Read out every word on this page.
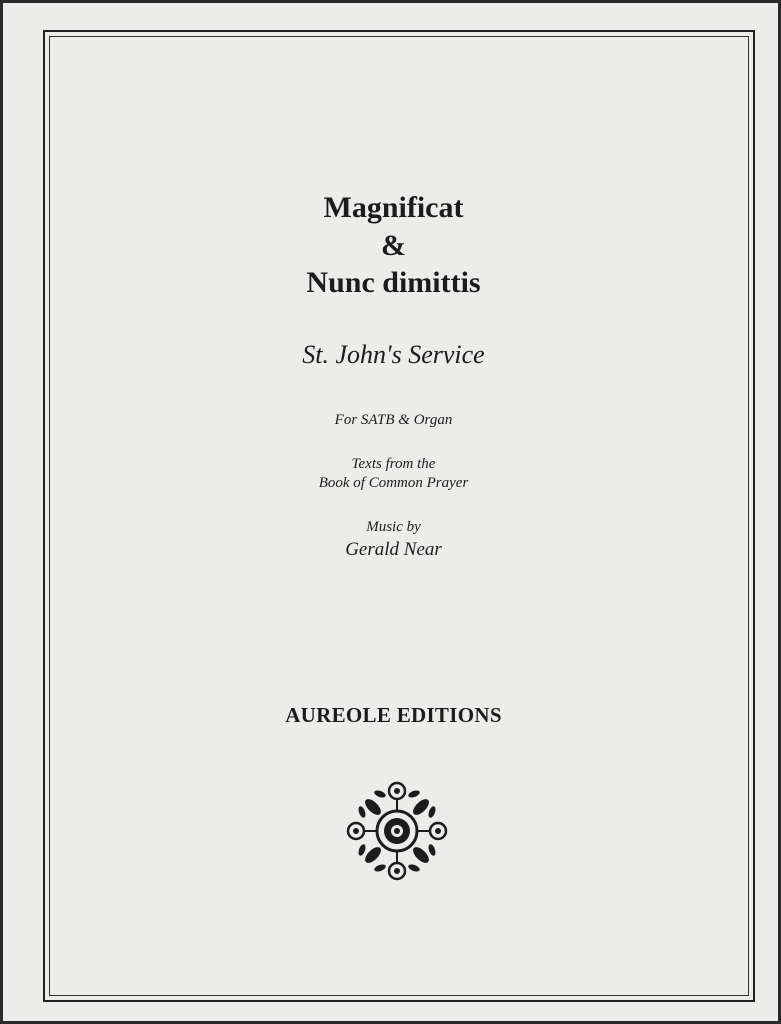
Magnificat
&
Nunc dimittis
St. John's Service
For SATB & Organ
Texts from the
Book of Common Prayer
Music by
Gerald Near
AUREOLE EDITIONS
